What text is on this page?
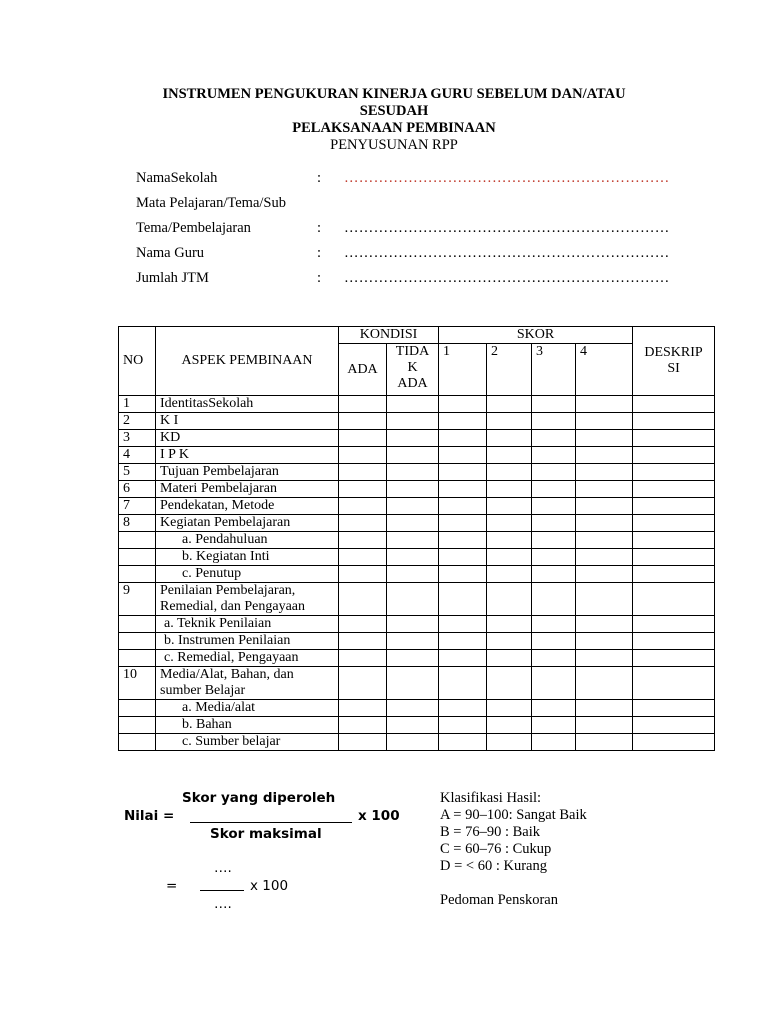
INSTRUMEN PENGUKURAN KINERJA GURU SEBELUM DAN/ATAU
SESUDAH
PELAKSANAAN PEMBINAAN
PENYUSUNAN RPP
NamaSekolah	: …………………………………………………………
Mata Pelajaran/Tema/Sub
Tema/Pembelajaran	: …………………………………………………………
Nama Guru	: …………………………………………………………
Jumlah JTM	: …………………………………………………………
NO	ASPEK PEMBINAAN	KONDISI		SKOR				DESKRIP SI
		ADA	TIDA K ADA	1	2	3	4	
1	IdentitasSekolah							
2	K I							
3	KD							
4	I P K							
5	Tujuan Pembelajaran							
6	Materi Pembelajaran							
7	Pendekatan, Metode							
8	Kegiatan Pembelajaran							
	a. Pendahuluan							
	b. Kegiatan Inti							
	c. Penutup							
9	Penilaian Pembelajaran, Remedial, dan Pengayaan							
	a. Teknik Penilaian							
	b. Instrumen Penilaian							
	c. Remedial, Pengayaan							
10	Media/Alat, Bahan, dan sumber Belajar							
	a. Media/alat							
	b. Bahan							
	c. Sumber belajar							
Skor yang diperoleh
Nilai =	x 100
Skor maksimal
….
=	x 100
….
Klasifikasi Hasil:
A = 90–100: Sangat Baik
B = 76–90 : Baik
C = 60–76 : Cukup
D = < 60 : Kurang
Pedoman Penskoran
